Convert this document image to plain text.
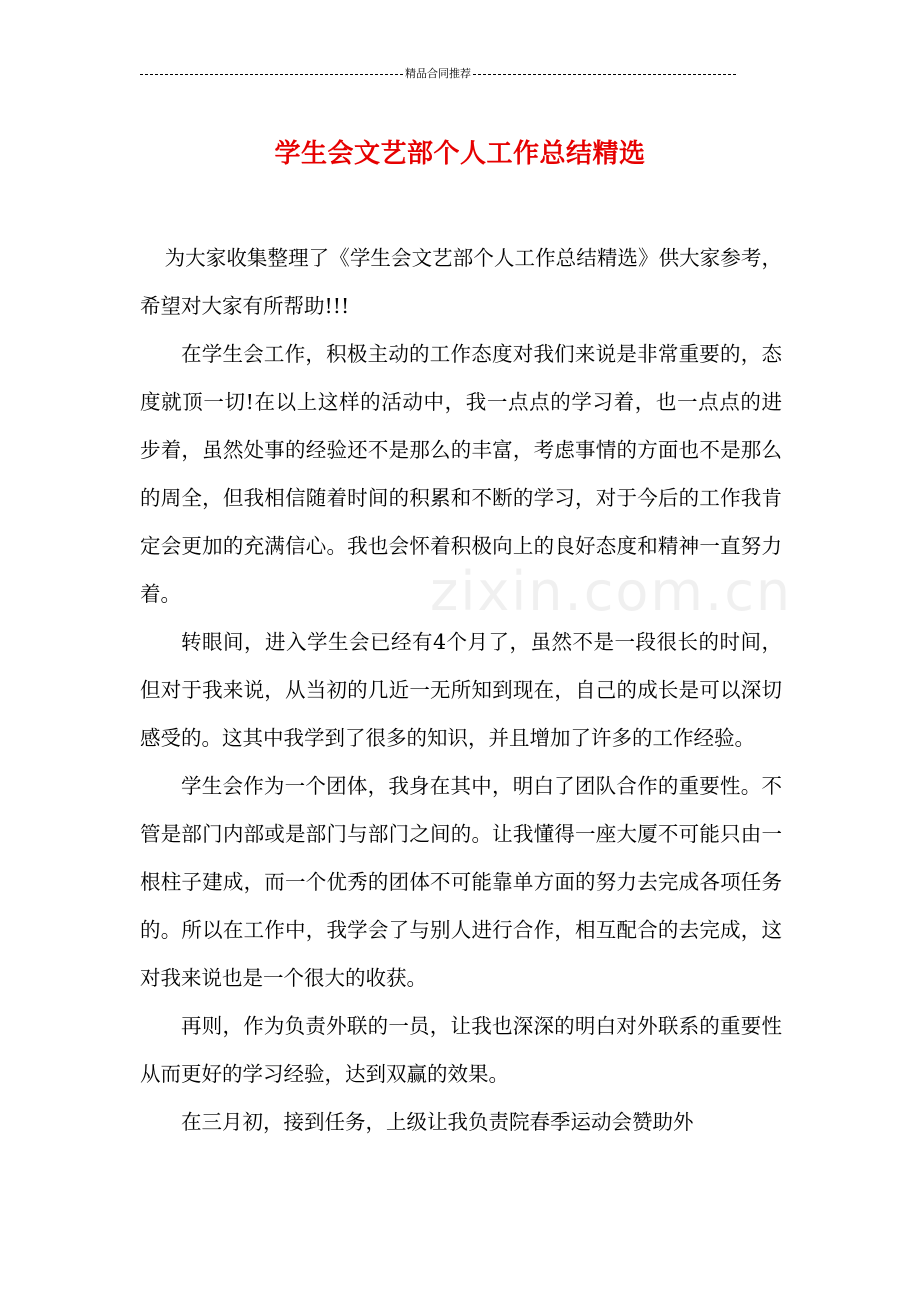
精品合同推荐
zixin.com.cn
学生会文艺部个人工作总结精选

为大家收集整理了《学生会文艺部个人工作总结精选》供大家参考，希望对大家有所帮助!!!

在学生会工作，积极主动的工作态度对我们来说是非常重要的，态度就顶一切!在以上这样的活动中，我一点点的学习着，也一点点的进步着，虽然处事的经验还不是那么的丰富，考虑事情的方面也不是那么的周全，但我相信随着时间的积累和不断的学习，对于今后的工作我肯定会更加的充满信心。我也会怀着积极向上的良好态度和精神一直努力着。

转眼间，进入学生会已经有4个月了，虽然不是一段很长的时间，但对于我来说，从当初的几近一无所知到现在，自己的成长是可以深切感受的。这其中我学到了很多的知识，并且增加了许多的工作经验。

学生会作为一个团体，我身在其中，明白了团队合作的重要性。不管是部门内部或是部门与部门之间的。让我懂得一座大厦不可能只由一根柱子建成，而一个优秀的团体不可能靠单方面的努力去完成各项任务的。所以在工作中，我学会了与别人进行合作，相互配合的去完成，这对我来说也是一个很大的收获。

再则，作为负责外联的一员，让我也深深的明白对外联系的重要性从而更好的学习经验，达到双赢的效果。

在三月初，接到任务，上级让我负责院春季运动会赞助外
